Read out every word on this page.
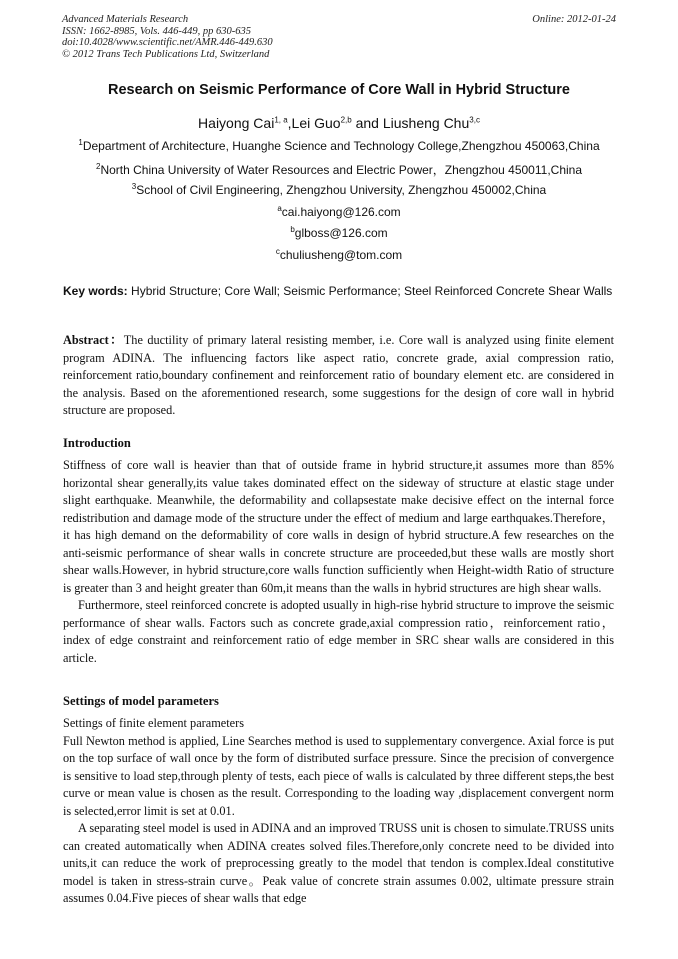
Advanced Materials Research
ISSN: 1662-8985, Vols. 446-449, pp 630-635
doi:10.4028/www.scientific.net/AMR.446-449.630
© 2012 Trans Tech Publications Ltd, Switzerland
Online: 2012-01-24
Research on Seismic Performance of Core Wall in Hybrid Structure
Haiyong Cai$^{1, a}$,Lei Guo$^{2,b}$ and Liusheng Chu$^{3,c}$
$^1$Department of Architecture, Huanghe Science and Technology College,Zhengzhou 450063,China
$^2$North China University of Water Resources and Electric Power，Zhengzhou 450011,China
$^3$School of Civil Engineering, Zhengzhou University, Zhengzhou 450002,China
$^a$cai.haiyong@126.com
$^b$glboss@126.com
$^c$chuliusheng@tom.com
Key words: Hybrid Structure; Core Wall; Seismic Performance; Steel Reinforced Concrete Shear Walls
Abstract：The ductility of primary lateral resisting member, i.e. Core wall is analyzed using finite element program ADINA. The influencing factors like aspect ratio, concrete grade, axial compression ratio, reinforcement ratio,boundary confinement and reinforcement ratio of boundary element etc. are considered in the analysis. Based on the aforementioned research, some suggestions for the design of core wall in hybrid structure are proposed.
Introduction

Stiffness of core wall is heavier than that of outside frame in hybrid structure,it assumes more than 85% horizontal shear generally,its value takes dominated effect on the sideway of structure at elastic stage under slight earthquake. Meanwhile, the deformability and collapsestate make decisive effect on the internal force redistribution and damage mode of the structure under the effect of medium and large earthquakes.Therefore，it has high demand on the deformability of core walls in design of hybrid structure.A few researches on the anti-seismic performance of shear walls in concrete structure are proceeded,but these walls are mostly short shear walls.However, in hybrid structure,core walls function sufficiently when Height-width Ratio of structure is greater than 3 and height greater than 60m,it means than the walls in hybrid structures are high shear walls.

Furthermore, steel reinforced concrete is adopted usually in high-rise hybrid structure to improve the seismic performance of shear walls. Factors such as concrete grade,axial compression ratio，reinforcement ratio， index of edge constraint and reinforcement ratio of edge member in SRC shear walls are considered in this article.

Settings of model parameters

Settings of finite element parameters

Full Newton method is applied, Line Searches method is used to supplementary convergence. Axial force is put on the top surface of wall once by the form of distributed surface pressure. Since the precision of convergence is sensitive to load step,through plenty of tests, each piece of walls is calculated by three different steps,the best curve or mean value is chosen as the result. Corresponding to the loading way ,displacement convergent norm is selected,error limit is set at 0.01.

A separating steel model is used in ADINA and an improved TRUSS unit is chosen to simulate.TRUSS units can created automatically when ADINA creates solved files.Therefore,only concrete need to be divided into units,it can reduce the work of preprocessing greatly to the model that tendon is complex.Ideal constitutive model is taken in stress-strain curve。Peak value of concrete strain assumes 0.002, ultimate pressure strain assumes 0.04.Five pieces of shear walls that edge
